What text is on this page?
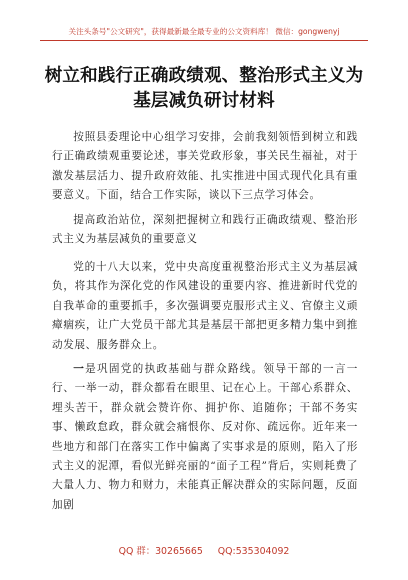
关注头条号"公文研究"，获得最新最全最专业的公文资料库！ 微信：gongwenyj
树立和践行正确政绩观、整治形式主义为
基层减负研讨材料

按照县委理论中心组学习安排，会前我刻领悟到树立和践行正确政绩观重要论述，事关党政形象，事关民生福祉，对于激发基层活力、提升政府效能、扎实推进中国式现代化具有重要意义。下面，结合工作实际，谈以下三点学习体会。

提高政治站位，深刻把握树立和践行正确政绩观、整治形式主义为基层减负的重要意义

党的十八大以来，党中央高度重视整治形式主义为基层减负，将其作为深化党的作风建设的重要内容、推进新时代党的自我革命的重要抓手，多次强调要克服形式主义、官僚主义顽瘴痼疾，让广大党员干部尤其是基层干部把更多精力集中到推动发展、服务群众上。

一是巩固党的执政基础与群众路线。领导干部的一言一行、一举一动，群众都看在眼里、记在心上。干部心系群众、埋头苦干，群众就会赞许你、拥护你、追随你；干部不务实事、懒政怠政，群众就会痛恨你、反对你、疏远你。近年来一些地方和部门在落实工作中偏离了实事求是的原则，陷入了形式主义的泥潭，看似光鲜亮丽的“面子工程”背后，实则耗费了大量人力、物力和财力，未能真正解决群众的实际问题，反面加剧

QQ 群：30265665 QQ:535304092
